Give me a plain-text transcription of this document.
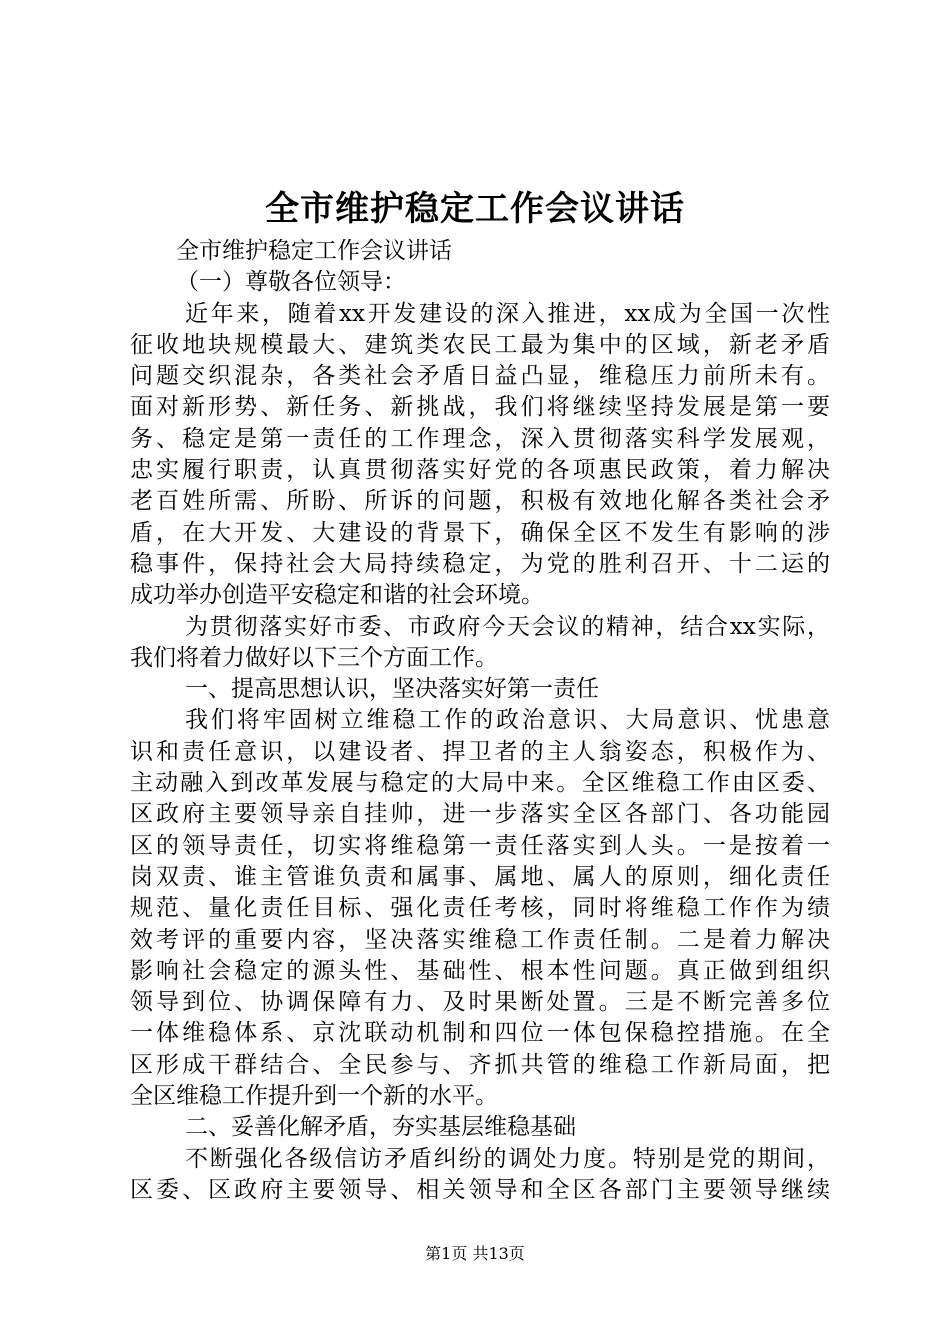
全市维护稳定工作会议讲话
全市维护稳定工作会议讲话
（一）尊敬各位领导：
近年来，随着xx开发建设的深入推进，xx成为全国一次性
征收地块规模最大、建筑类农民工最为集中的区域，新老矛盾
问题交织混杂，各类社会矛盾日益凸显，维稳压力前所未有。
面对新形势、新任务、新挑战，我们将继续坚持发展是第一要
务、稳定是第一责任的工作理念，深入贯彻落实科学发展观，
忠实履行职责，认真贯彻落实好党的各项惠民政策，着力解决
老百姓所需、所盼、所诉的问题，积极有效地化解各类社会矛
盾，在大开发、大建设的背景下，确保全区不发生有影响的涉
稳事件，保持社会大局持续稳定，为党的胜利召开、十二运的
成功举办创造平安稳定和谐的社会环境。
为贯彻落实好市委、市政府今天会议的精神，结合xx实际，
我们将着力做好以下三个方面工作。
一、提高思想认识，坚决落实好第一责任
我们将牢固树立维稳工作的政治意识、大局意识、忧患意
识和责任意识，以建设者、捍卫者的主人翁姿态，积极作为、
主动融入到改革发展与稳定的大局中来。全区维稳工作由区委、
区政府主要领导亲自挂帅，进一步落实全区各部门、各功能园
区的领导责任，切实将维稳第一责任落实到人头。一是按着一
岗双责、谁主管谁负责和属事、属地、属人的原则，细化责任
规范、量化责任目标、强化责任考核，同时将维稳工作作为绩
效考评的重要内容，坚决落实维稳工作责任制。二是着力解决
影响社会稳定的源头性、基础性、根本性问题。真正做到组织
领导到位、协调保障有力、及时果断处置。三是不断完善多位
一体维稳体系、京沈联动机制和四位一体包保稳控措施。在全
区形成干群结合、全民参与、齐抓共管的维稳工作新局面，把
全区维稳工作提升到一个新的水平。
二、妥善化解矛盾，夯实基层维稳基础
不断强化各级信访矛盾纠纷的调处力度。特别是党的期间，
区委、区政府主要领导、相关领导和全区各部门主要领导继续
第1页 共13页
